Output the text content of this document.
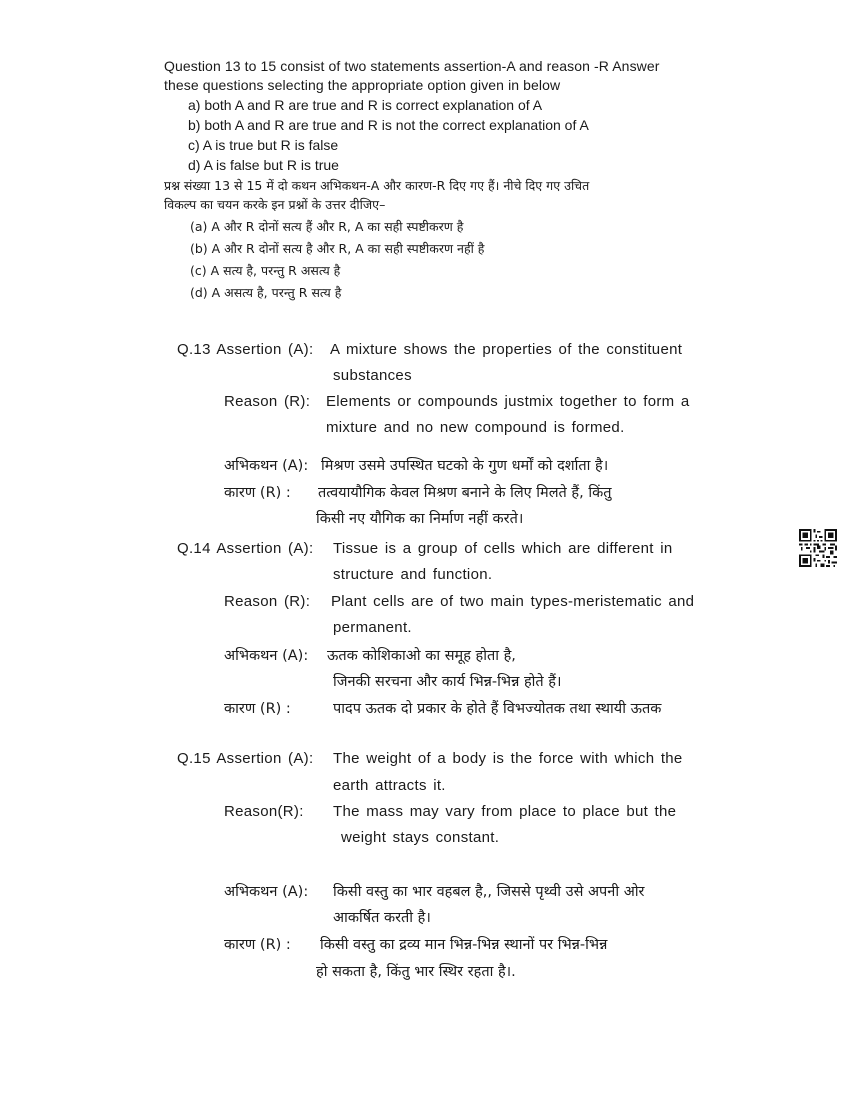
Question 13 to 15 consist of two statements assertion-A and reason -R Answer
these questions selecting the appropriate option given in below
a) both A and R are true and R is correct explanation of A
b) both A and R are true and R is not the correct explanation of A
c) A is true but R is false
d) A is false but R is true
प्रश्न संख्या 13 से 15 में दो कथन अभिकथन-A और कारण-R दिए गए हैं। नीचे दिए गए उचित
विकल्प का चयन करके इन प्रश्नों के उत्तर दीजिए–
(a) A और R दोनों सत्य हैं और R, A का सही स्पष्टीकरण है
(b) A और R दोनों सत्य है और R, A का सही स्पष्टीकरण नहीं है
(c) A सत्य है, परन्तु R असत्य है
(d) A असत्य है, परन्तु R सत्य है
Q.13 Assertion (A): A mixture shows the properties of the constituent
substances
Reason (R): Elements or compounds justmix together to form a
mixture and no new compound is formed.
अभिकथन (A): मिश्रण उसमे उपस्थित घटको के गुण धर्मों को दर्शाता है।
कारण (R) : तत्वयायौगिक केवल मिश्रण बनाने के लिए मिलते हैं, किंतु
किसी नए यौगिक का निर्माण नहीं करते।
Q.14 Assertion (A): Tissue is a group of cells which are different in
structure and function.
Reason (R): Plant cells are of two main types-meristematic and
permanent.
अभिकथन (A): ऊतक कोशिकाओ का समूह होता है,
जिनकी सरचना और कार्य भिन्न-भिन्न होते हैं।
कारण (R) :	पादप ऊतक दो प्रकार के होते हैं विभज्योतक तथा स्थायी ऊतक
Q.15 Assertion (A): The weight of a body is the force with which the
earth attracts it.
Reason(R): The mass may vary from place to place but the
weight stays constant.
अभिकथन (A): किसी वस्तु का भार वहबल है,, जिससे पृथ्वी उसे अपनी ओर
आकर्षित करती है।
कारण (R) : किसी वस्तु का द्रव्य मान भिन्न-भिन्न स्थानों पर भिन्न-भिन्न
हो सकता है, किंतु भार स्थिर रहता है।.
